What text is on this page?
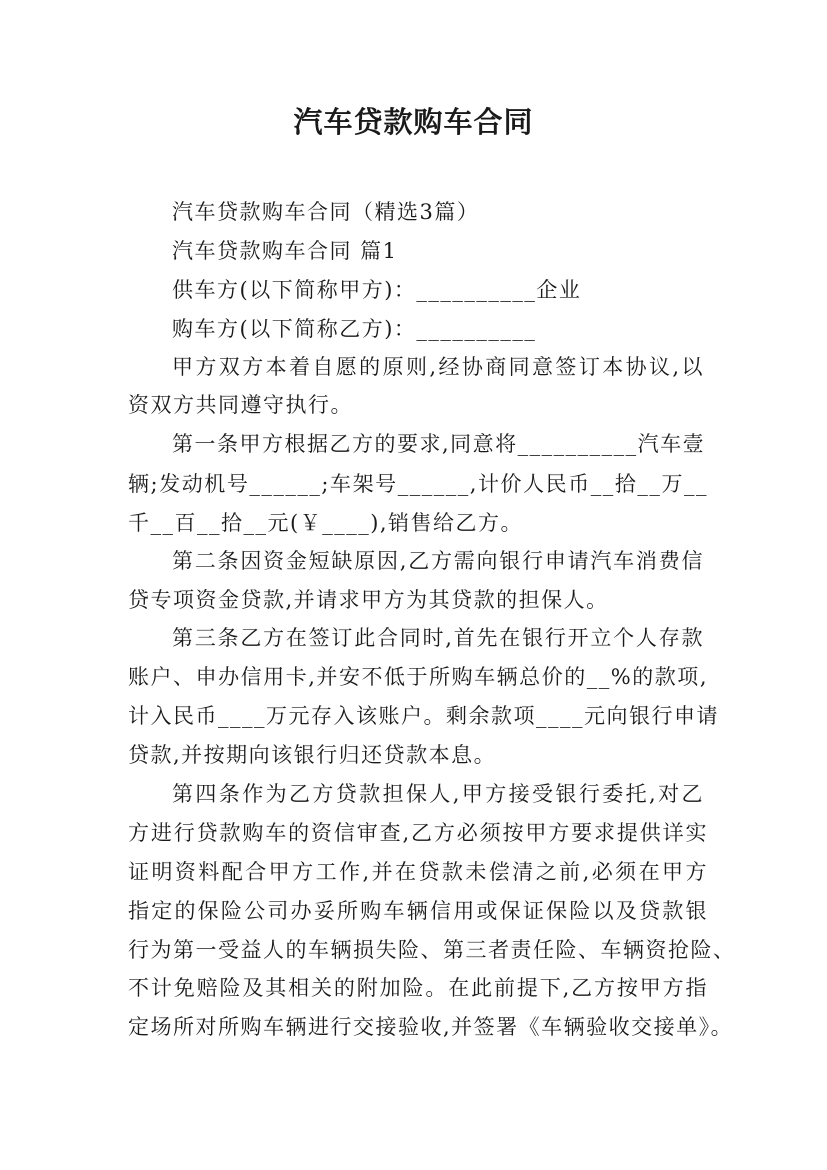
汽车贷款购车合同
汽车贷款购车合同（精选3篇）
汽车贷款购车合同 篇1
供车方(以下简称甲方)：__________企业
购车方(以下简称乙方)：__________
甲方双方本着自愿的原则,经协商同意签订本协议,以
资双方共同遵守执行。
第一条甲方根据乙方的要求,同意将__________汽车壹
辆;发动机号______;车架号______,计价人民币__拾__万__
千__百__拾__元(￥____),销售给乙方。
第二条因资金短缺原因,乙方需向银行申请汽车消费信
贷专项资金贷款,并请求甲方为其贷款的担保人。
第三条乙方在签订此合同时,首先在银行开立个人存款
账户、申办信用卡,并安不低于所购车辆总价的__%的款项,
计入民币____万元存入该账户。剩余款项____元向银行申请
贷款,并按期向该银行归还贷款本息。
第四条作为乙方贷款担保人,甲方接受银行委托,对乙
方进行贷款购车的资信审查,乙方必须按甲方要求提供详实
证明资料配合甲方工作,并在贷款未偿清之前,必须在甲方
指定的保险公司办妥所购车辆信用或保证保险以及贷款银
行为第一受益人的车辆损失险、第三者责任险、车辆资抢险、
不计免赔险及其相关的附加险。在此前提下,乙方按甲方指
定场所对所购车辆进行交接验收,并签署《车辆验收交接单》。
